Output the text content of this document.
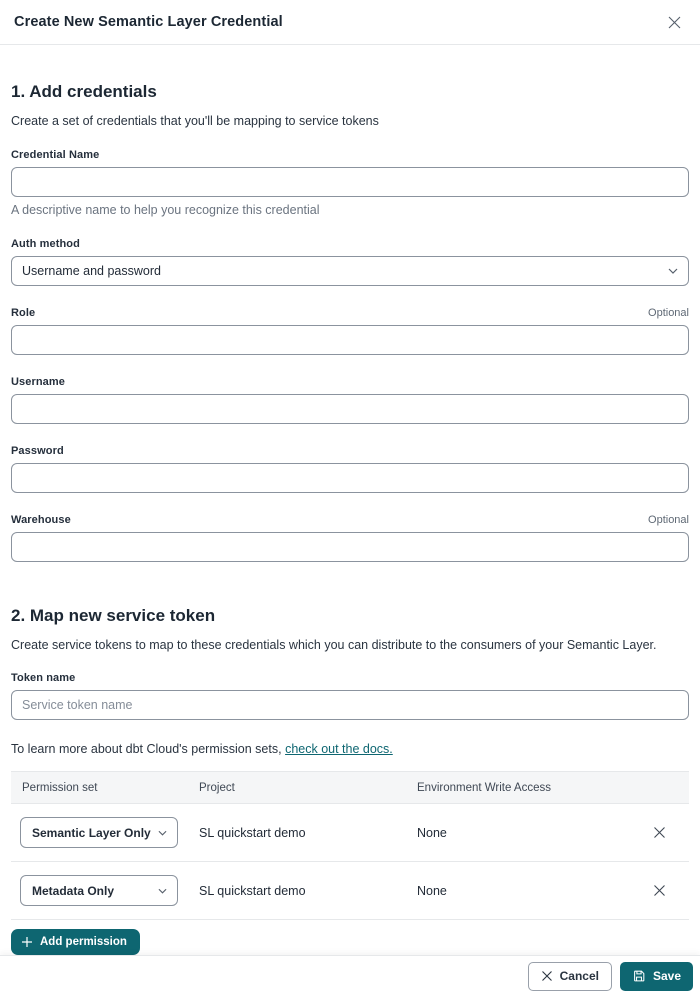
Create New Semantic Layer Credential
1. Add credentials

Create a set of credentials that you'll be mapping to service tokens

Credential Name
A descriptive name to help you recognize this credential
Auth method
Username and password
Role	Optional
Username
Password
Warehouse	Optional
2. Map new service token

Create service tokens to map to these credentials which you can distribute to the consumers of your Semantic Layer.

Token name
Service token name

To learn more about dbt Cloud's permission sets, check out the docs.

Permission set	Project	Environment Write Access
Semantic Layer Only	SL quickstart demo	None
Metadata Only	SL quickstart demo	None
Add permission
Cancel	Save
